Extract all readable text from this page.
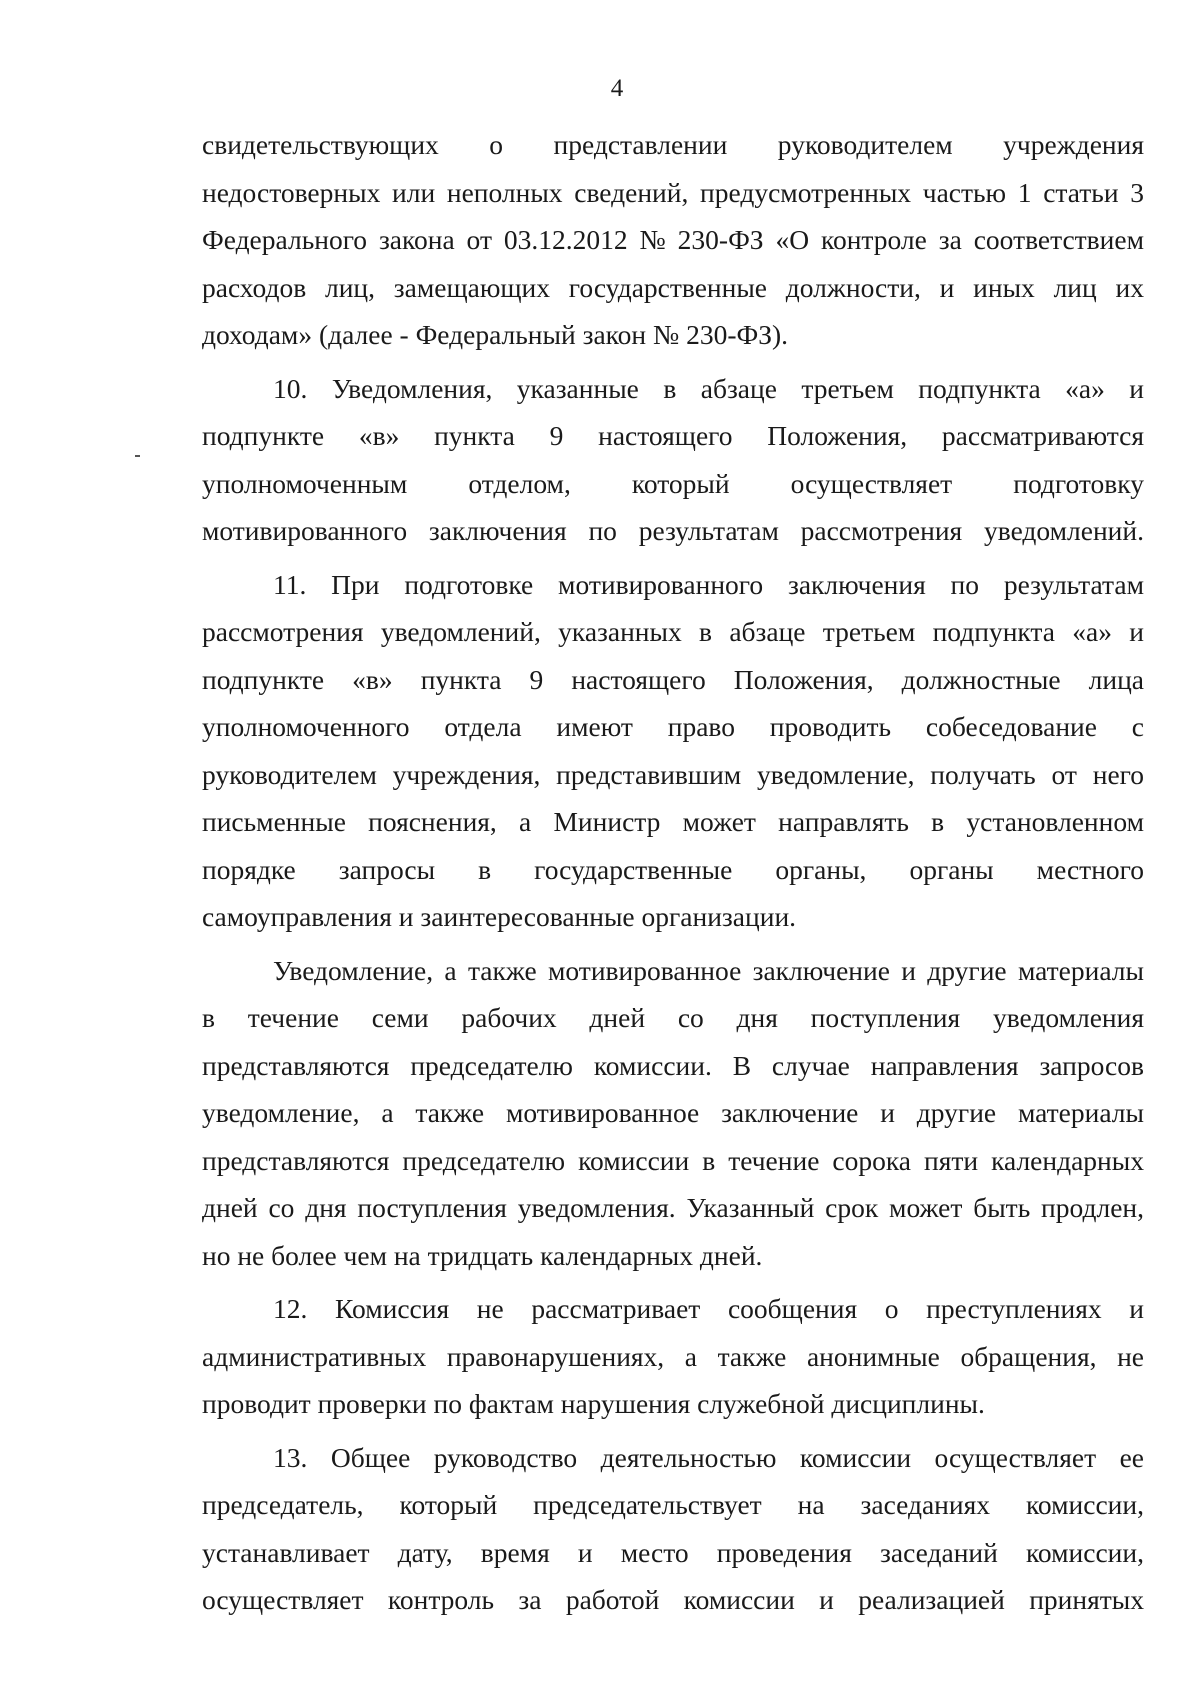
4
свидетельствующих о представлении руководителем учреждения
недостоверных или неполных сведений, предусмотренных частью 1 статьи 3
Федерального закона от 03.12.2012 № 230-ФЗ «О контроле за соответствием
расходов лиц, замещающих государственные должности, и иных лиц их
доходам» (далее - Федеральный закон № 230-ФЗ).
10. Уведомления, указанные в абзаце третьем подпункта «а» и
подпункте «в» пункта 9 настоящего Положения, рассматриваются
уполномоченным отделом, который осуществляет подготовку
мотивированного заключения по результатам рассмотрения уведомлений.
11. При подготовке мотивированного заключения по результатам
рассмотрения уведомлений, указанных в абзаце третьем подпункта «а» и
подпункте «в» пункта 9 настоящего Положения, должностные лица
уполномоченного отдела имеют право проводить собеседование с
руководителем учреждения, представившим уведомление, получать от него
письменные пояснения, а Министр может направлять в установленном
порядке запросы в государственные органы, органы местного
самоуправления и заинтересованные организации.
Уведомление, а также мотивированное заключение и другие материалы
в течение семи рабочих дней со дня поступления уведомления
представляются председателю комиссии. В случае направления запросов
уведомление, а также мотивированное заключение и другие материалы
представляются председателю комиссии в течение сорока пяти календарных
дней со дня поступления уведомления. Указанный срок может быть продлен,
но не более чем на тридцать календарных дней.
12. Комиссия не рассматривает сообщения о преступлениях и
административных правонарушениях, а также анонимные обращения, не
проводит проверки по фактам нарушения служебной дисциплины.
13. Общее руководство деятельностью комиссии осуществляет ее
председатель, который председательствует на заседаниях комиссии,
устанавливает дату, время и место проведения заседаний комиссии,
осуществляет контроль за работой комиссии и реализацией принятых
